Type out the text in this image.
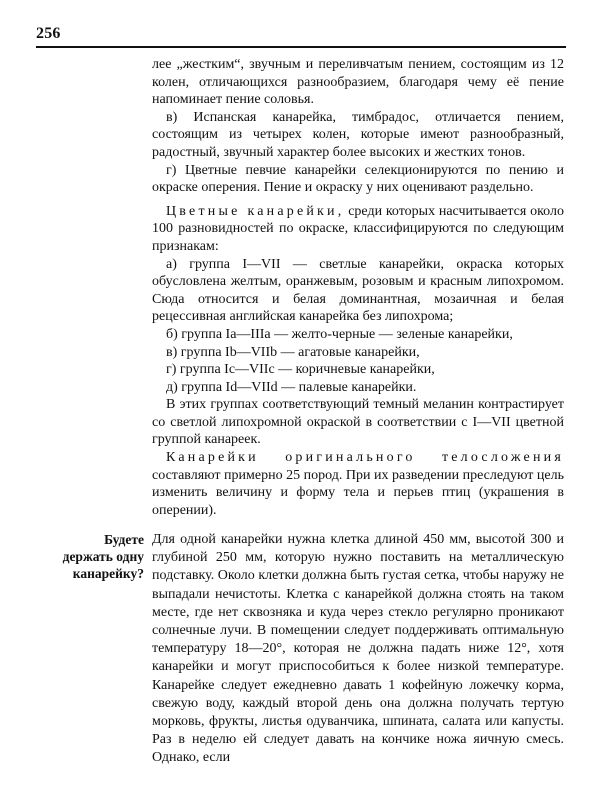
256

лее „жестким“, звучным и переливчатым пением, состоящим из 12 колен, отличающихся разнообразием, благодаря чему её пение напоминает пение соловья.

в) Испанская канарейка, тимбрадос, отличается пением, состоящим из четырех колен, которые имеют разнообразный, радостный, звучный характер более высоких и жестких тонов.

г) Цветные певчие канарейки селекционируются по пению и окраске оперения. Пение и окраску у них оценивают раздельно.

Цветные канарейки, среди которых насчитывается около 100 разновидностей по окраске, классифицируются по следующим признакам:

а) группа I—VII — светлые канарейки, окраска которых обусловлена желтым, оранжевым, розовым и красным липохромом. Сюда относится и белая доминантная, мозаичная и белая рецессивная английская канарейка без липохрома;

б) группа Ia—IIIa — желто-черные — зеленые канарейки,

в) группа Ib—VIIb — агатовые канарейки,

г) группа Ic—VIIc — коричневые канарейки,

д) группа Id—VIId — палевые канарейки.

В этих группах соответствующий темный меланин контрастирует со светлой липохромной окраской в соответствии с I—VII цветной группой канареек.

Канарейки оригинального телосложения составляют примерно 25 пород. При их разведении преследуют цель изменить величину и форму тела и перьев птиц (украшения в оперении).

Будете держать одну канарейку?

Для одной канарейки нужна клетка длиной 450 мм, высотой 300 и глубиной 250 мм, которую нужно поставить на металлическую подставку. Около клетки должна быть густая сетка, чтобы наружу не выпадали нечистоты. Клетка с канарейкой должна стоять на таком месте, где нет сквозняка и куда через стекло регулярно проникают солнечные лучи. В помещении следует поддерживать оптимальную температуру 18—20°, которая не должна падать ниже 12°, хотя канарейки и могут приспособиться к более низкой температуре. Канарейке следует ежедневно давать 1 кофейную ложечку корма, свежую воду, каждый второй день она должна получать тертую морковь, фрукты, листья одуванчика, шпината, салата или капусты. Раз в неделю ей следует давать на кончике ножа яичную смесь. Однако, если
